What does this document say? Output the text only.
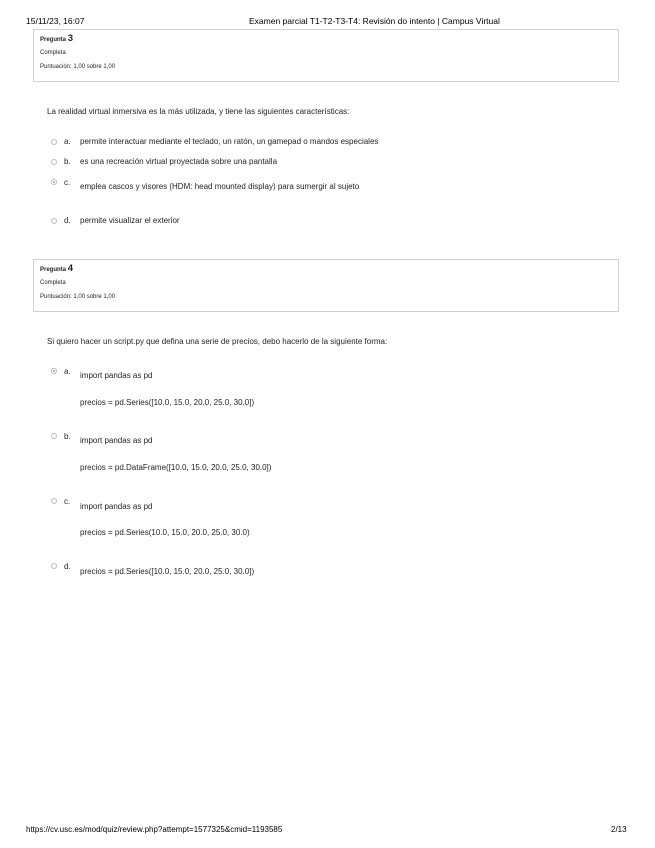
15/11/23, 16:07	Examen parcial T1-T2-T3-T4: Revisión do intento | Campus Virtual
Pregunta 3
Completa
Puntuación: 1,00 sobre 1,00
La realidad virtual inmersiva es la más utilizada, y tiene las siguientes características:
a. permite interactuar mediante el teclado, un ratón, un gamepad o mandos especiales
b. es una recreación virtual proyectada sobre una pantalla
c. emplea cascos y visores (HDM: head mounted display) para sumergir al sujeto
d. permite visualizar el exterior
Pregunta 4
Completa
Puntuación: 1,00 sobre 1,00
Si quiero hacer un script.py que defina una serie de precios, debo hacerlo de la siguiente forma:
a. import pandas as pd
precios = pd.Series([10.0, 15.0, 20.0, 25.0, 30.0])
b. import pandas as pd
precios = pd.DataFrame([10.0, 15.0, 20.0, 25.0, 30.0])
c.
import pandas as pd
precios = pd.Series(10.0, 15.0, 20.0, 25.0, 30.0)
d.
precios = pd.Series([10.0, 15.0, 20.0, 25.0, 30.0])
https://cv.usc.es/mod/quiz/review.php?attempt=1577325&cmid=1193585	2/13
